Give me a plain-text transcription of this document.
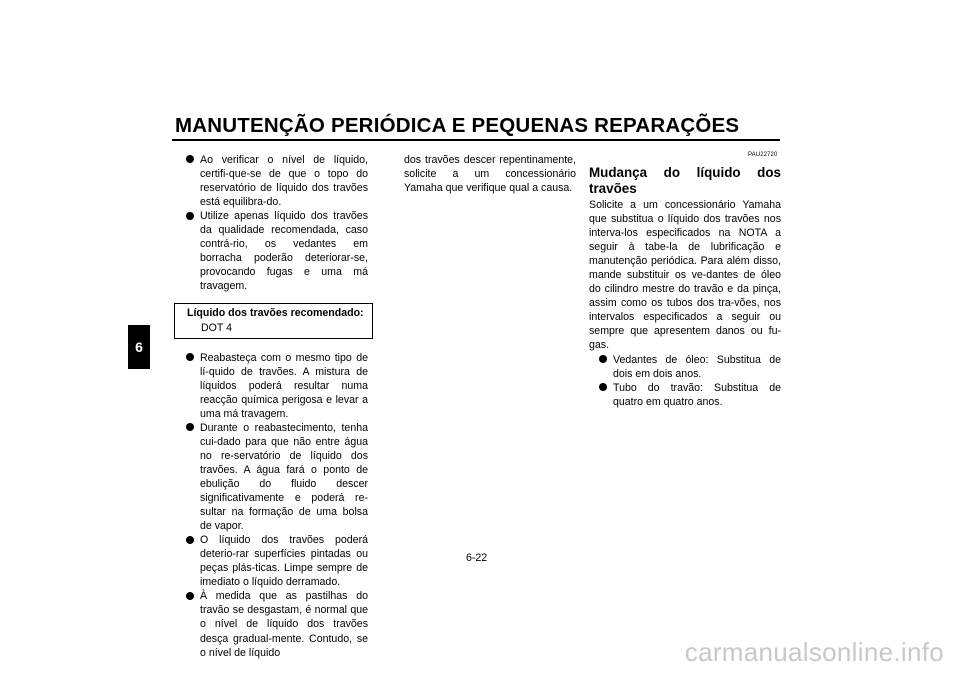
MANUTENÇÃO PERIÓDICA E PEQUENAS REPARAÇÕES
6

Ao verificar o nível de líquido, certifi-que-se de que o topo do reservatório de líquido dos travões está equilibra-do.

Utilize apenas líquido dos travões da qualidade recomendada, caso contrá-rio, os vedantes em borracha poderão deteriorar-se, provocando fugas e uma má travagem.

Líquido dos travões recomendado:
DOT 4

Reabasteça com o mesmo tipo de lí-quido de travões. A mistura de líquidos poderá resultar numa reacção química perigosa e levar a uma má travagem.

Durante o reabastecimento, tenha cui-dado para que não entre água no re-servatório de líquido dos travões. A água fará o ponto de ebulição do fluido descer significativamente e poderá re-sultar na formação de uma bolsa de vapor.

O líquido dos travões poderá deterio-rar superfícies pintadas ou peças plás-ticas. Limpe sempre de imediato o líquido derramado.

À medida que as pastilhas do travão se desgastam, é normal que o nível de líquido dos travões desça gradual-mente. Contudo, se o nível de líquido

dos travões descer repentinamente, solicite a um concessionário Yamaha que verifique qual a causa.

PAU22720
Mudança do líquido dos travões

Solicite a um concessionário Yamaha que substitua o líquido dos travões nos interva-los especificados na NOTA a seguir à tabe-la de lubrificação e manutenção periódica. Para além disso, mande substituir os ve-dantes de óleo do cilindro mestre do travão e da pinça, assim como os tubos dos tra-vões, nos intervalos especificados a seguir ou sempre que apresentem danos ou fu-gas.

Vedantes de óleo: Substitua de dois em dois anos.

Tubo do travão: Substitua de quatro em quatro anos.

6-22
carmanualsonline.info
